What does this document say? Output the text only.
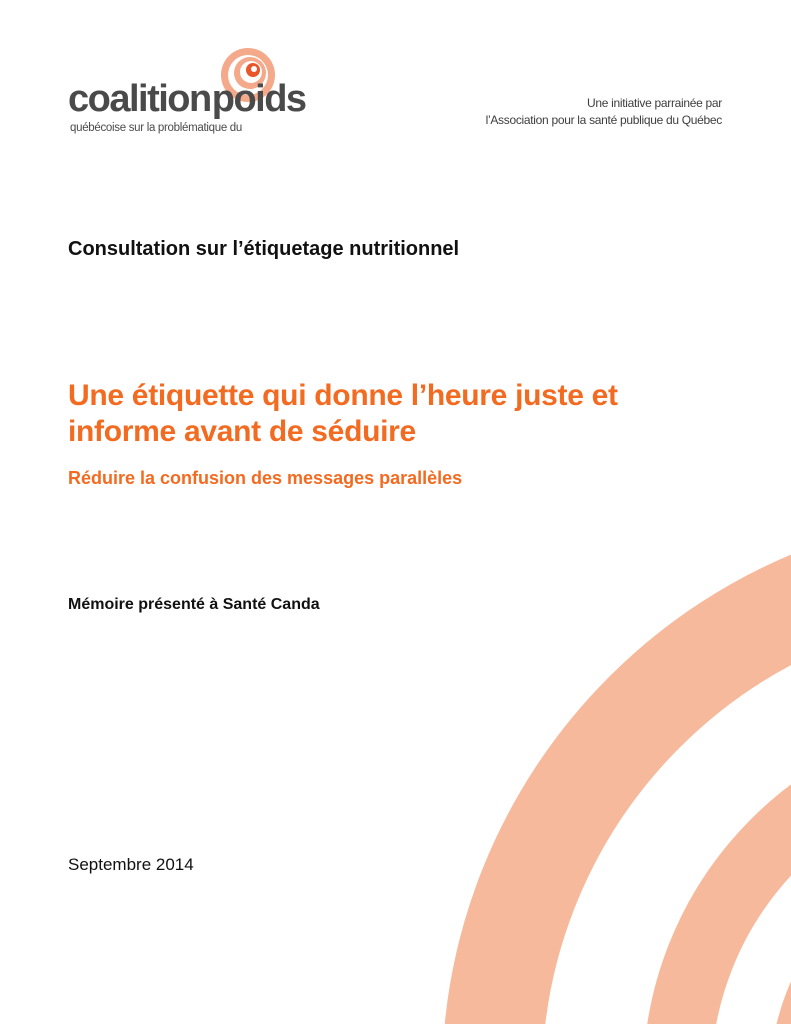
coalitionpoids
québécoise sur la problématique du
Une initiative parrainée par
l’Association pour la santé publique du Québec
Consultation sur l’étiquetage nutritionnel
Une étiquette qui donne l’heure juste et
informe avant de séduire
Réduire la confusion des messages parallèles
Mémoire présenté à Santé Canda
Septembre 2014
